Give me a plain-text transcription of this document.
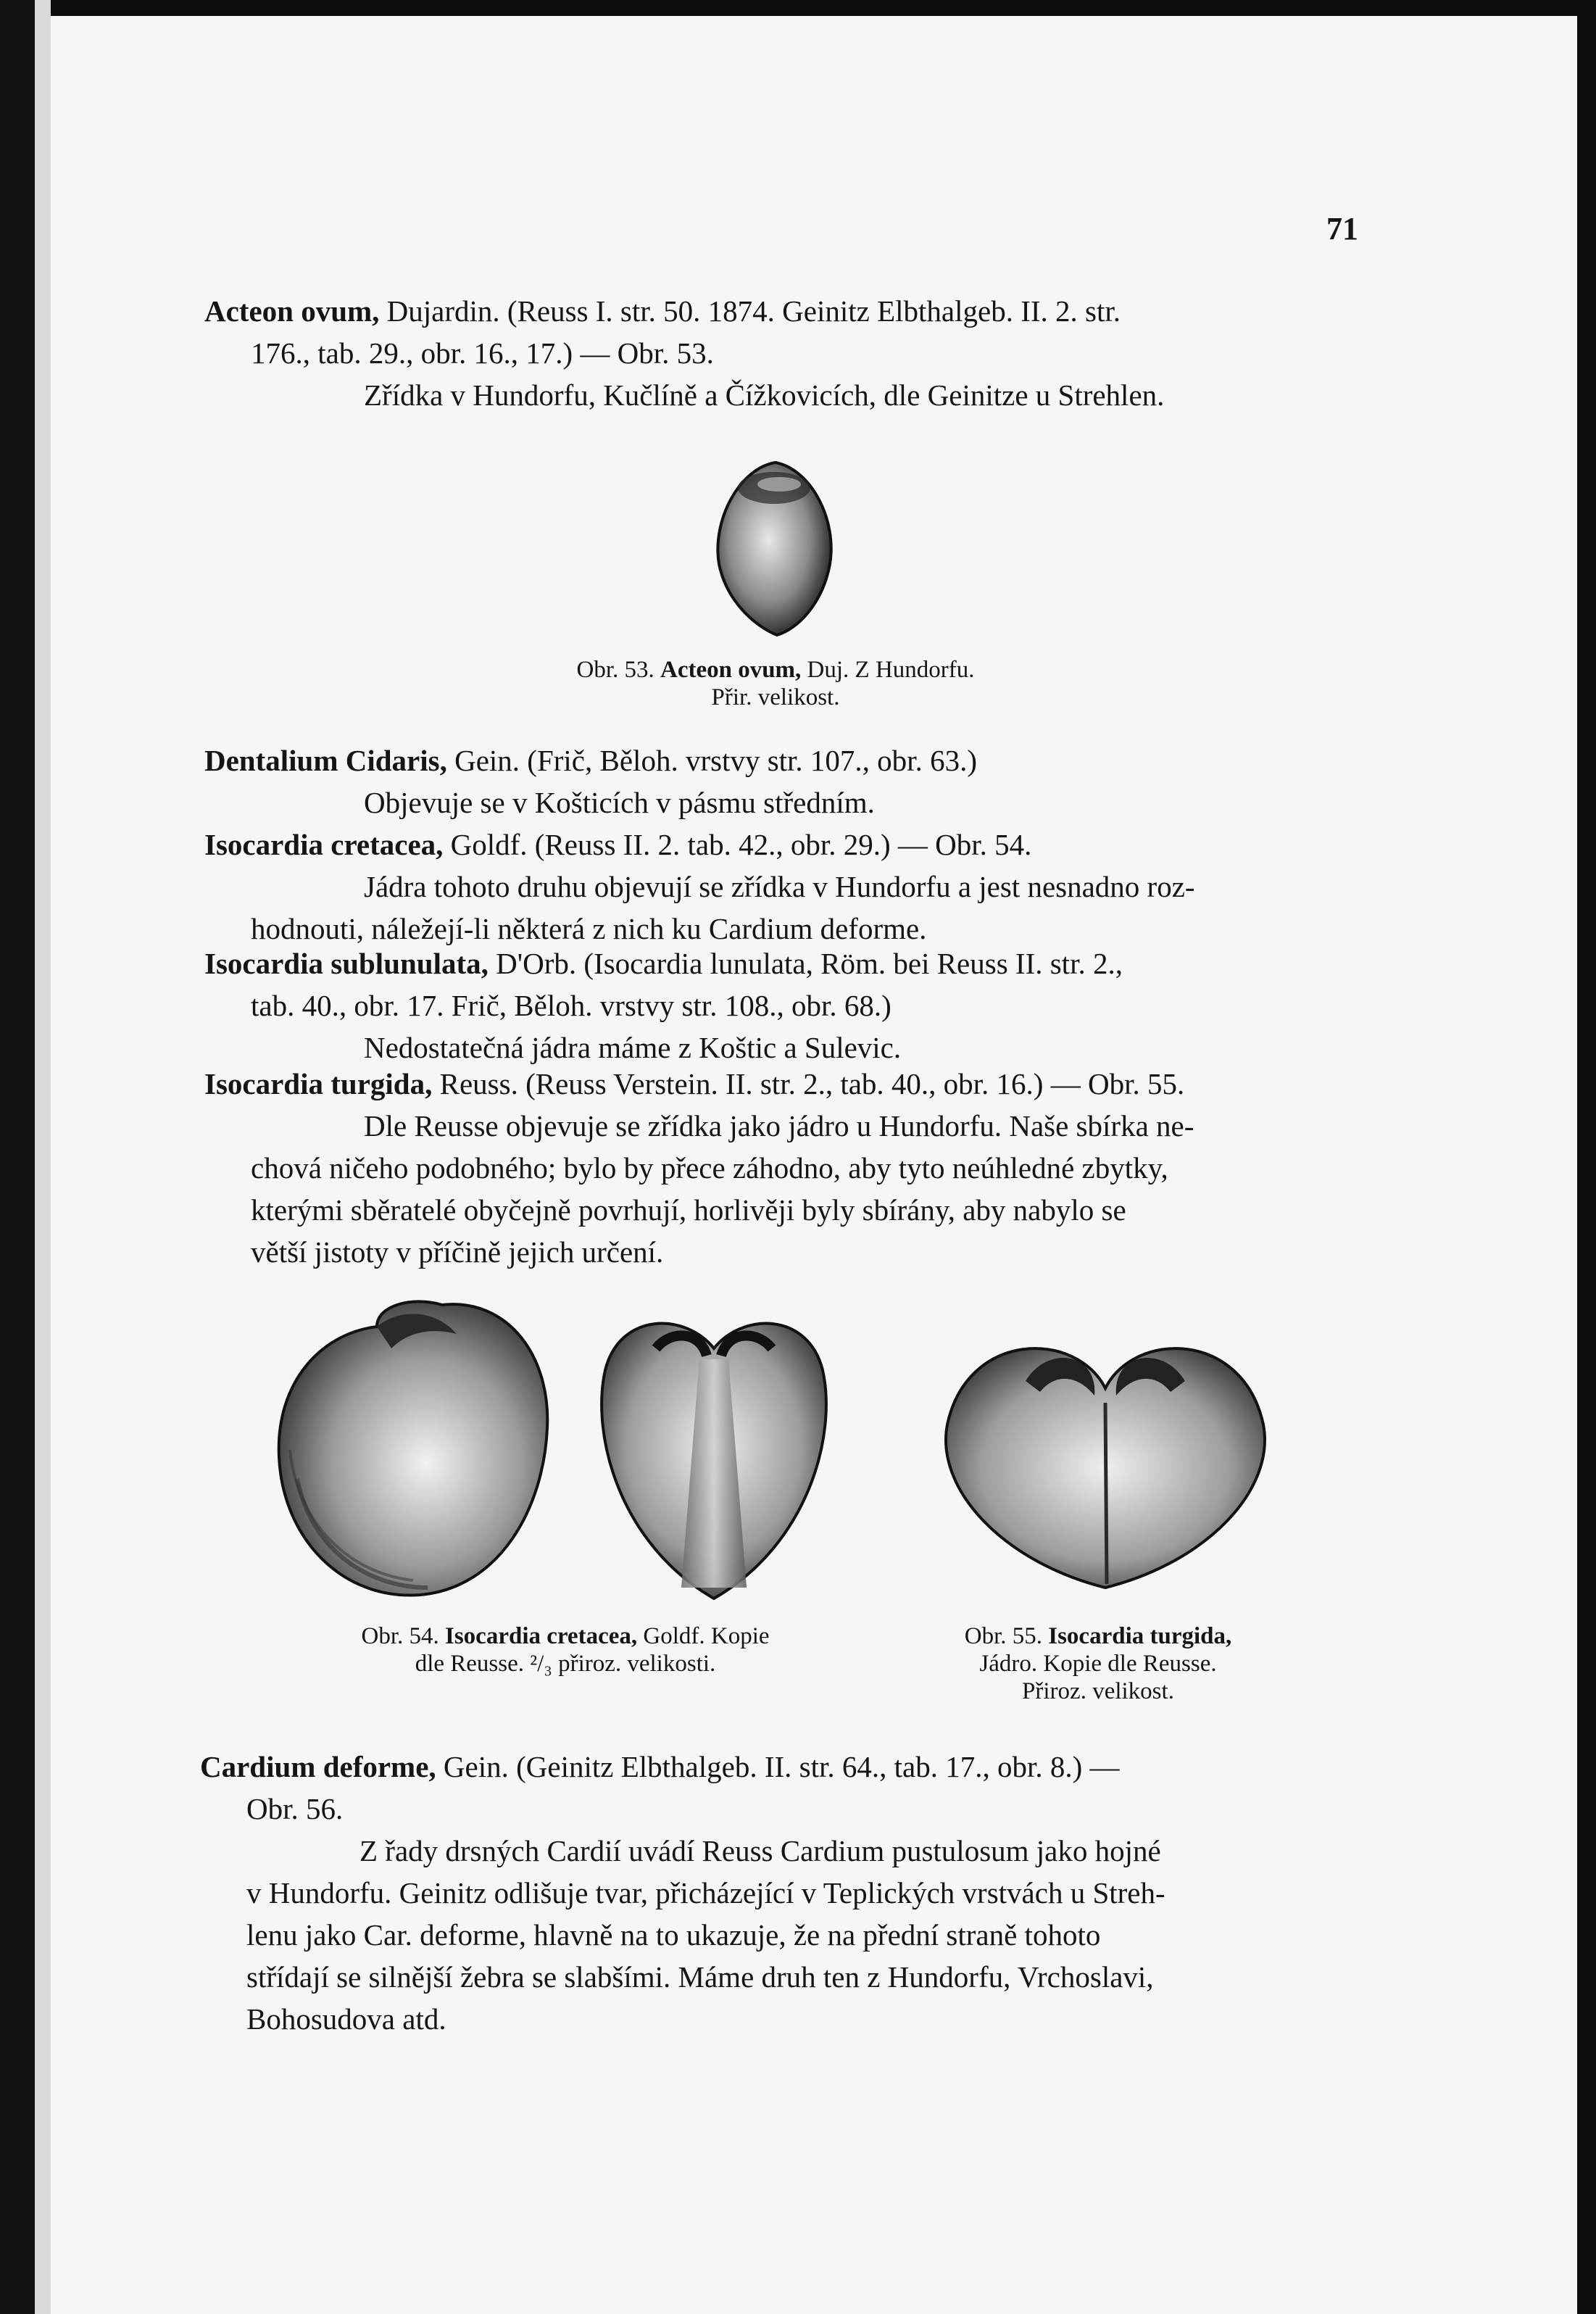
71
Acteon ovum, Dujardin. (Reuss I. str. 50. 1874. Geinitz Elbthalgeb. II. 2. str.
176., tab. 29., obr. 16., 17.) — Obr. 53.
Zřídka v Hundorfu, Kučlíně a Čížkovicích, dle Geinitze u Strehlen.
Obr. 53. Acteon ovum, Duj. Z Hundorfu.
Přir. velikost.
Dentalium Cidaris, Gein. (Frič, Běloh. vrstvy str. 107., obr. 63.)
Objevuje se v Košticích v pásmu středním.
Isocardia cretacea, Goldf. (Reuss II. 2. tab. 42., obr. 29.) — Obr. 54.
Jádra tohoto druhu objevují se zřídka v Hundorfu a jest nesnadno roz-
hodnouti, náležejí-li některá z nich ku Cardium deforme.
Isocardia sublunulata, D'Orb. (Isocardia lunulata, Röm. bei Reuss II. str. 2.,
tab. 40., obr. 17. Frič, Běloh. vrstvy str. 108., obr. 68.)
Nedostatečná jádra máme z Koštic a Sulevic.
Isocardia turgida, Reuss. (Reuss Verstein. II. str. 2., tab. 40., obr. 16.) — Obr. 55.
Dle Reusse objevuje se zřídka jako jádro u Hundorfu. Naše sbírka ne-
chová ničeho podobného; bylo by přece záhodno, aby tyto neúhledné zbytky,
kterými sběratelé obyčejně povrhují, horlivěji byly sbírány, aby nabylo se
větší jistoty v příčině jejich určení.
Obr. 54. Isocardia cretacea, Goldf. Kopie
dle Reusse. ²/₃ přiroz. velikosti.
Obr. 55. Isocardia turgida,
Jádro. Kopie dle Reusse.
Přiroz. velikost.
Cardium deforme, Gein. (Geinitz Elbthalgeb. II. str. 64., tab. 17., obr. 8.) —
Obr. 56.
Z řady drsných Cardií uvádí Reuss Cardium pustulosum jako hojné
v Hundorfu. Geinitz odlišuje tvar, přicházející v Teplických vrstvách u Streh-
lenu jako Car. deforme, hlavně na to ukazuje, že na přední straně tohoto
střídají se silnější žebra se slabšími. Máme druh ten z Hundorfu, Vrchoslavi,
Bohosudova atd.
